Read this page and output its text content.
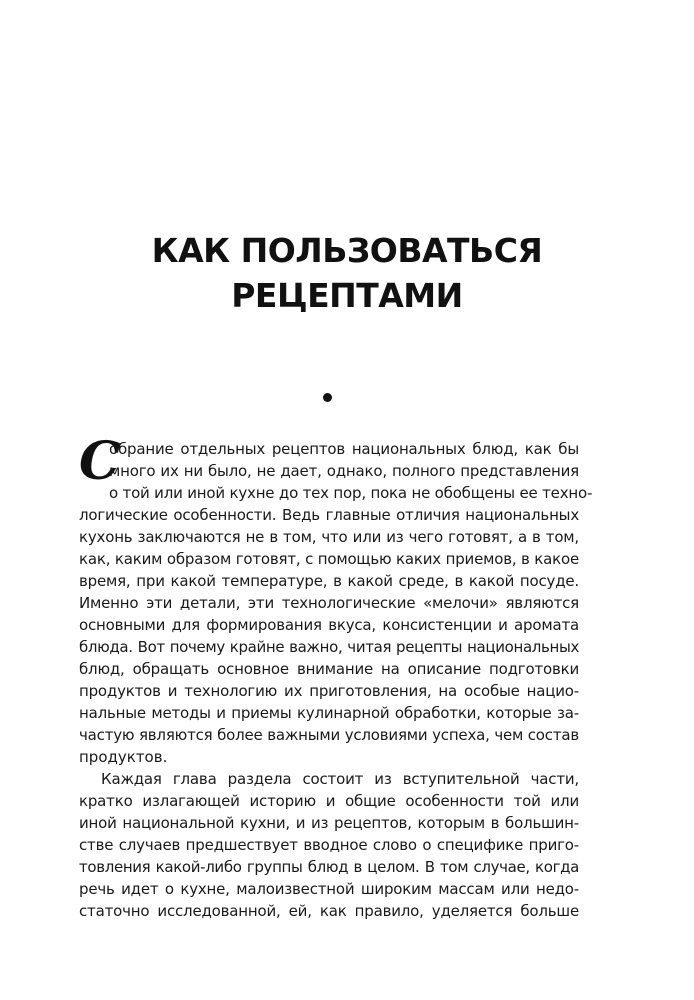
КАК ПОЛЬЗОВАТЬСЯ
РЕЦЕПТАМИ
С
обрание отдельных рецептов национальных блюд, как бы
много их ни было, не дает, однако, полного представления
о той или иной кухне до тех пор, пока не обобщены ее техно-
логические особенности. Ведь главные отличия национальных
кухонь заключаются не в том, что или из чего готовят, а в том,
как, каким образом готовят, с помощью каких приемов, в какое
время, при какой температуре, в какой среде, в какой посуде.
Именно эти детали, эти технологические «мелочи» являются
основными для формирования вкуса, консистенции и аромата
блюда. Вот почему крайне важно, читая рецепты национальных
блюд, обращать основное внимание на описание подготовки
продуктов и технологию их приготовления, на особые нацио-
нальные методы и приемы кулинарной обработки, которые за-
частую являются более важными условиями успеха, чем состав
продуктов.
Каждая глава раздела состоит из вступительной части,
кратко излагающей историю и общие особенности той или
иной национальной кухни, и из рецептов, которым в большин-
стве случаев предшествует вводное слово о специфике приго-
товления какой-либо группы блюд в целом. В том случае, когда
речь идет о кухне, малоизвестной широким массам или недо-
статочно исследованной, ей, как правило, уделяется больше
